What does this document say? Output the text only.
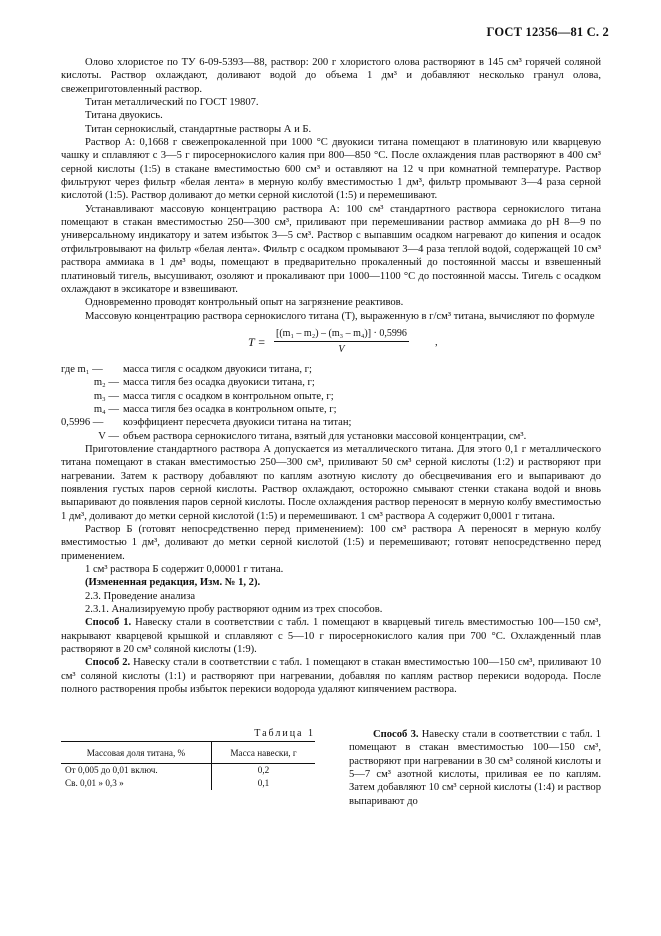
ГОСТ 12356—81 С. 2

Олово хлористое по ТУ 6-09-5393—88, раствор: 200 г хлористого олова растворяют в 145 см³ горячей соляной кислоты. Раствор охлаждают, доливают водой до объема 1 дм³ и добавляют несколько гранул олова, свежеприготовленный раствор.

Титан металлический по ГОСТ 19807.

Титана двуокись.

Титан сернокислый, стандартные растворы А и Б.

Раствор А: 0,1668 г свежепрокаленной при 1000 °С двуокиси титана помещают в платиновую или кварцевую чашку и сплавляют с 3—5 г пиросернокислого калия при 800—850 °С. После охлаждения плав растворяют в 400 см³ серной кислоты (1:5) в стакане вместимостью 600 см³ и оставляют на 12 ч при комнатной температуре. Раствор фильтруют через фильтр «белая лента» в мерную колбу вместимостью 1 дм³, фильтр промывают 3—4 раза серной кислотой (1:5). Раствор доливают до метки серной кислотой (1:5) и перемешивают.

Устанавливают массовую концентрацию раствора А: 100 см³ стандартного раствора сернокислого титана помещают в стакан вместимостью 250—300 см³, приливают при перемешивании раствор аммиака до pH 8—9 по универсальному индикатору и затем избыток 3—5 см³. Раствор с выпавшим осадком нагревают до кипения и осадок отфильтровывают на фильтр «белая лента». Фильтр с осадком промывают 3—4 раза теплой водой, содержащей 10 см³ раствора аммиака в 1 дм³ воды, помещают в предварительно прокаленный до постоянной массы и взвешенный платиновый тигель, высушивают, озоляют и прокаливают при 1000—1100 °С до постоянной массы. Тигель с осадком охлаждают в эксикаторе и взвешивают.

Одновременно проводят контрольный опыт на загрязнение реактивов.

Массовую концентрацию раствора сернокислого титана (Т), выраженную в г/см³ титана, вычисляют по формуле

$T = \frac{\text{[(m₁ – m₂) – (m₃ – m₄)] · 0,5996}}{V}$ ,
где m₁ —	масса тигля с осадком двуокиси титана, г;
m₂ — масса тигля без осадка двуокиси титана, г;
m₃ — масса тигля с осадком в контрольном опыте, г;
m₄ — масса тигля без осадка в контрольном опыте, г;
0,5996 —	коэффициент пересчета двуокиси титана на титан;
V — объем раствора сернокислого титана, взятый для установки массовой концентрации, см³.

Приготовление стандартного раствора А допускается из металлического титана. Для этого 0,1 г металлического титана помещают в стакан вместимостью 250—300 см³, приливают 50 см³ серной кислоты (1:2) и растворяют при нагревании. Затем к раствору добавляют по каплям азотную кислоту до обесцвечивания его и выпаривают до появления густых паров серной кислоты. Раствор охлаждают, осторожно смывают стенки стакана водой и вновь выпаривают до появления паров серной кислоты. После охлаждения раствор переносят в мерную колбу вместимостью 1 дм³, доливают до метки серной кислотой (1:5) и перемешивают. 1 см³ раствора А содержит 0,0001 г титана.

Раствор Б (готовят непосредственно перед применением): 100 см³ раствора А переносят в мерную колбу вместимостью 1 дм³, доливают до метки серной кислотой (1:5) и перемешивают; готовят непосредственно перед применением.

1 см³ раствора Б содержит 0,00001 г титана.

(Измененная редакция, Изм. № 1, 2).

2.3. Проведение анализа

2.3.1. Анализируемую пробу растворяют одним из трех способов.

Способ 1. Навеску стали в соответствии с табл. 1 помещают в кварцевый тигель вместимостью 100—150 см³, накрывают кварцевой крышкой и сплавляют с 5—10 г пиросернокислого калия при 700 °С. Охлажденный плав растворяют в 20 см³ соляной кислоты (1:9).

Способ 2. Навеску стали в соответствии с табл. 1 помещают в стакан вместимостью 100—150 см³, приливают 10 см³ соляной кислоты (1:1) и растворяют при нагревании, добавляя по каплям раствор перекиси водорода. После полного растворения пробы избыток перекиси водорода удаляют кипячением раствора.

Таблица 1
Массовая доля титана, %	Масса навески, г
От 0,005 до 0,01 включ.	0,2
Св. 0,01 » 0,3 »	0,1

Способ 3. Навеску стали в соответствии с табл. 1 помещают в стакан вместимостью 100—150 см³, растворяют при нагревании в 30 см³ соляной кислоты и 5—7 см³ азотной кислоты, приливая ее по каплям. Затем добавляют 10 см³ серной кислоты (1:4) и раствор выпаривают до
